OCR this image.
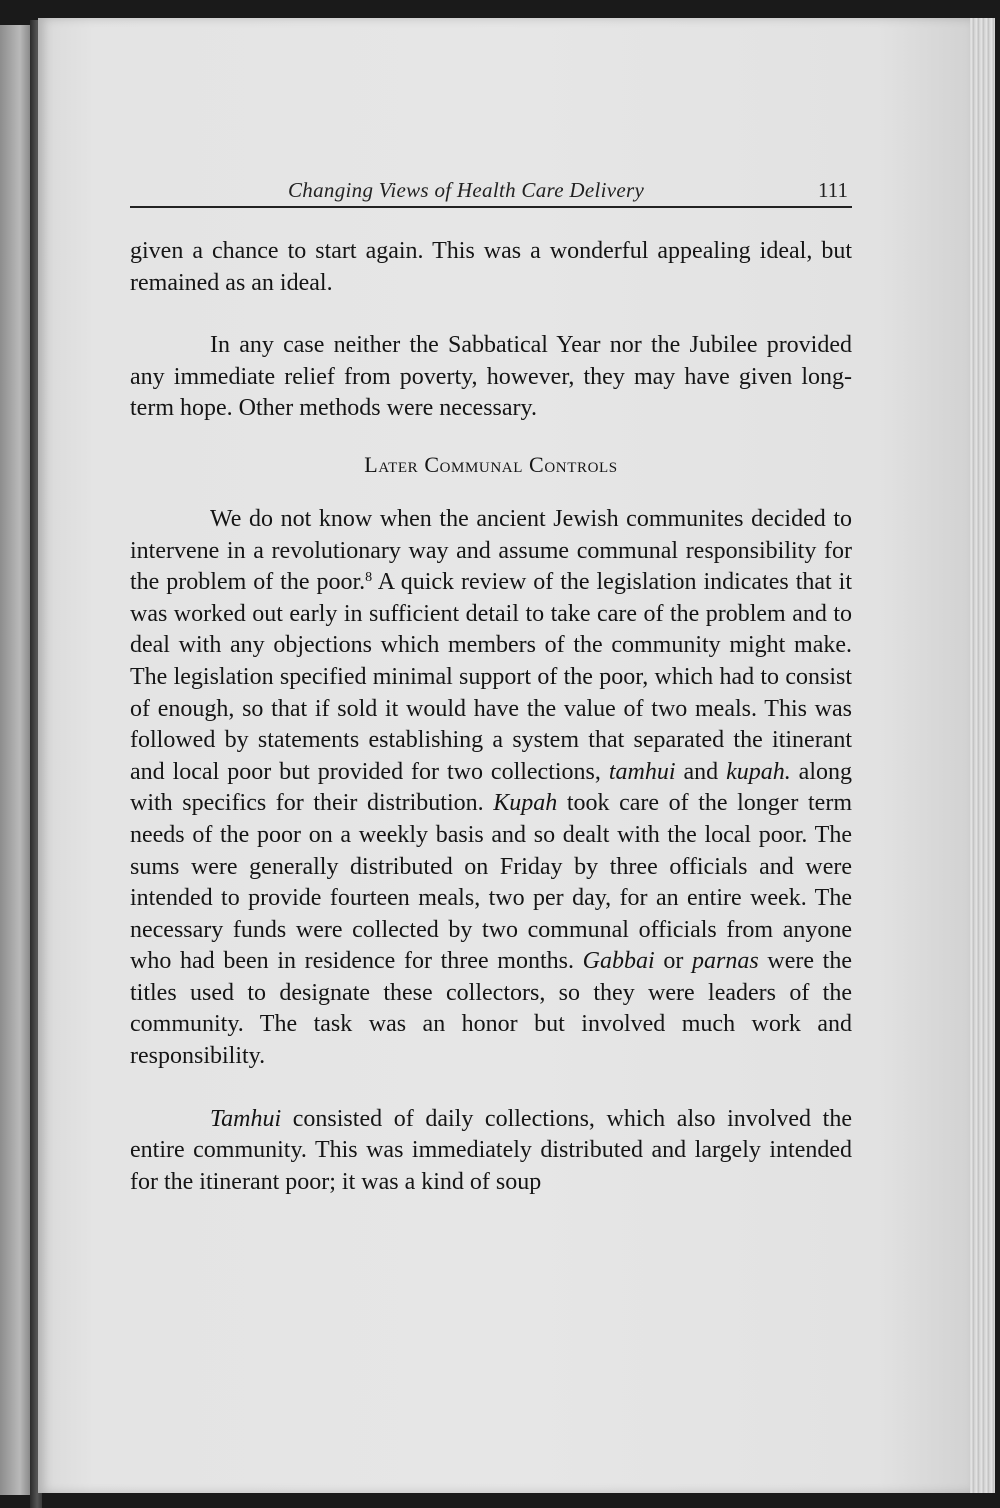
Changing Views of Health Care Delivery	111

given a chance to start again. This was a wonderful appealing ideal, but remained as an ideal.

In any case neither the Sabbatical Year nor the Jubilee provided any immediate relief from poverty, however, they may have given long-term hope. Other methods were necessary.

Later Communal Controls

We do not know when the ancient Jewish communites decided to intervene in a revolutionary way and assume communal responsibility for the problem of the poor.$^8$ A quick review of the legislation indicates that it was worked out early in sufficient detail to take care of the problem and to deal with any objections which members of the community might make. The legislation specified minimal support of the poor, which had to consist of enough, so that if sold it would have the value of two meals. This was followed by statements establishing a system that separated the itinerant and local poor but provided for two collections, tamhui and kupah. along with specifics for their distribution. Kupah took care of the longer term needs of the poor on a weekly basis and so dealt with the local poor. The sums were generally distributed on Friday by three officials and were intended to provide fourteen meals, two per day, for an entire week. The necessary funds were collected by two communal officials from anyone who had been in residence for three months. Gabbai or parnas were the titles used to designate these collectors, so they were leaders of the community. The task was an honor but involved much work and responsibility.

Tamhui consisted of daily collections, which also involved the entire community. This was immediately distributed and largely intended for the itinerant poor; it was a kind of soup
